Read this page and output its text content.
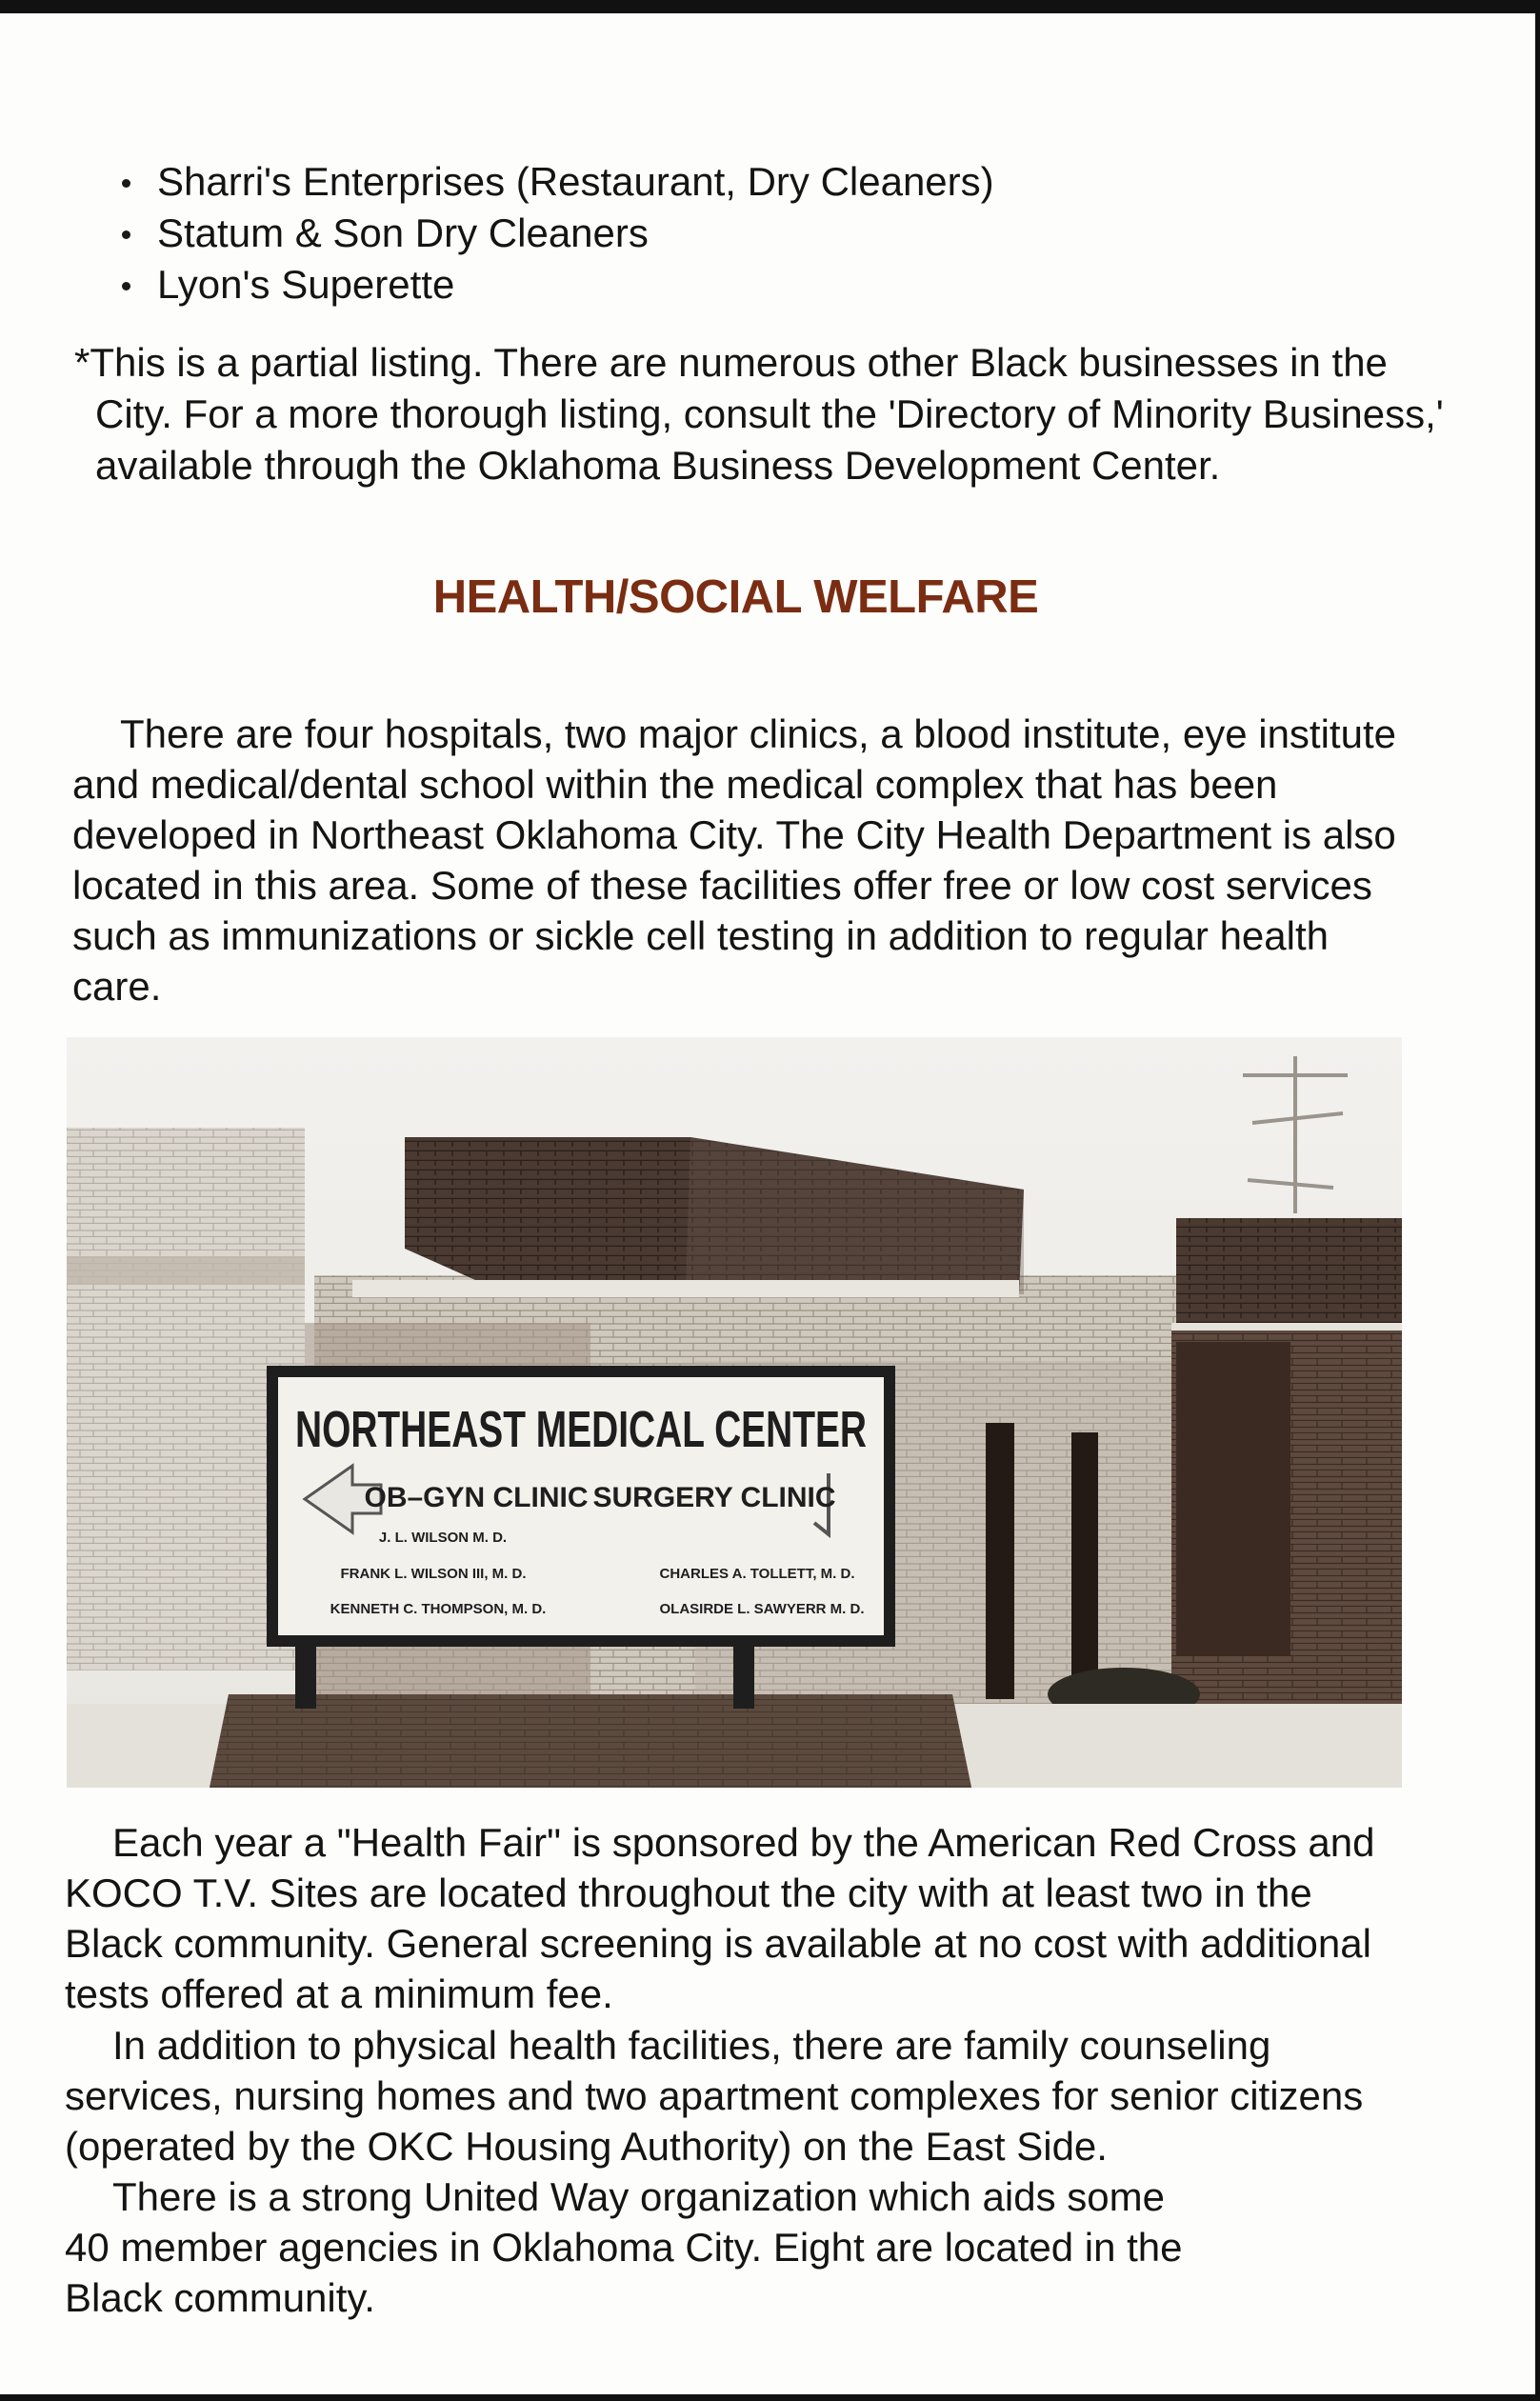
Sharri's Enterprises (Restaurant, Dry Cleaners)
Statum & Son Dry Cleaners
Lyon's Superette

*This is a partial listing. There are numerous other Black businesses in the City. For a more thorough listing, consult the 'Directory of Minority Business,' available through the Oklahoma Business Development Center.

HEALTH/SOCIAL WELFARE

There are four hospitals, two major clinics, a blood institute, eye institute and medical/dental school within the medical complex that has been developed in Northeast Oklahoma City. The City Health Department is also located in this area. Some of these facilities offer free or low cost services such as immunizations or sickle cell testing in addition to regular health care.

NORTHEAST MEDICAL CENTER
OB–GYN CLINIC SURGERY CLINIC
J. L. WILSON M. D.
FRANK L. WILSON III, M. D.
KENNETH C. THOMPSON, M. D.
CHARLES A. TOLLETT, M. D.
OLASIRDE L. SAWYERR M. D.

Each year a "Health Fair" is sponsored by the American Red Cross and KOCO T.V. Sites are located throughout the city with at least two in the Black community. General screening is available at no cost with additional tests offered at a minimum fee.

In addition to physical health facilities, there are family counseling services, nursing homes and two apartment complexes for senior citizens (operated by the OKC Housing Authority) on the East Side.

There is a strong United Way organization which aids some 40 member agencies in Oklahoma City. Eight are located in the Black community.
